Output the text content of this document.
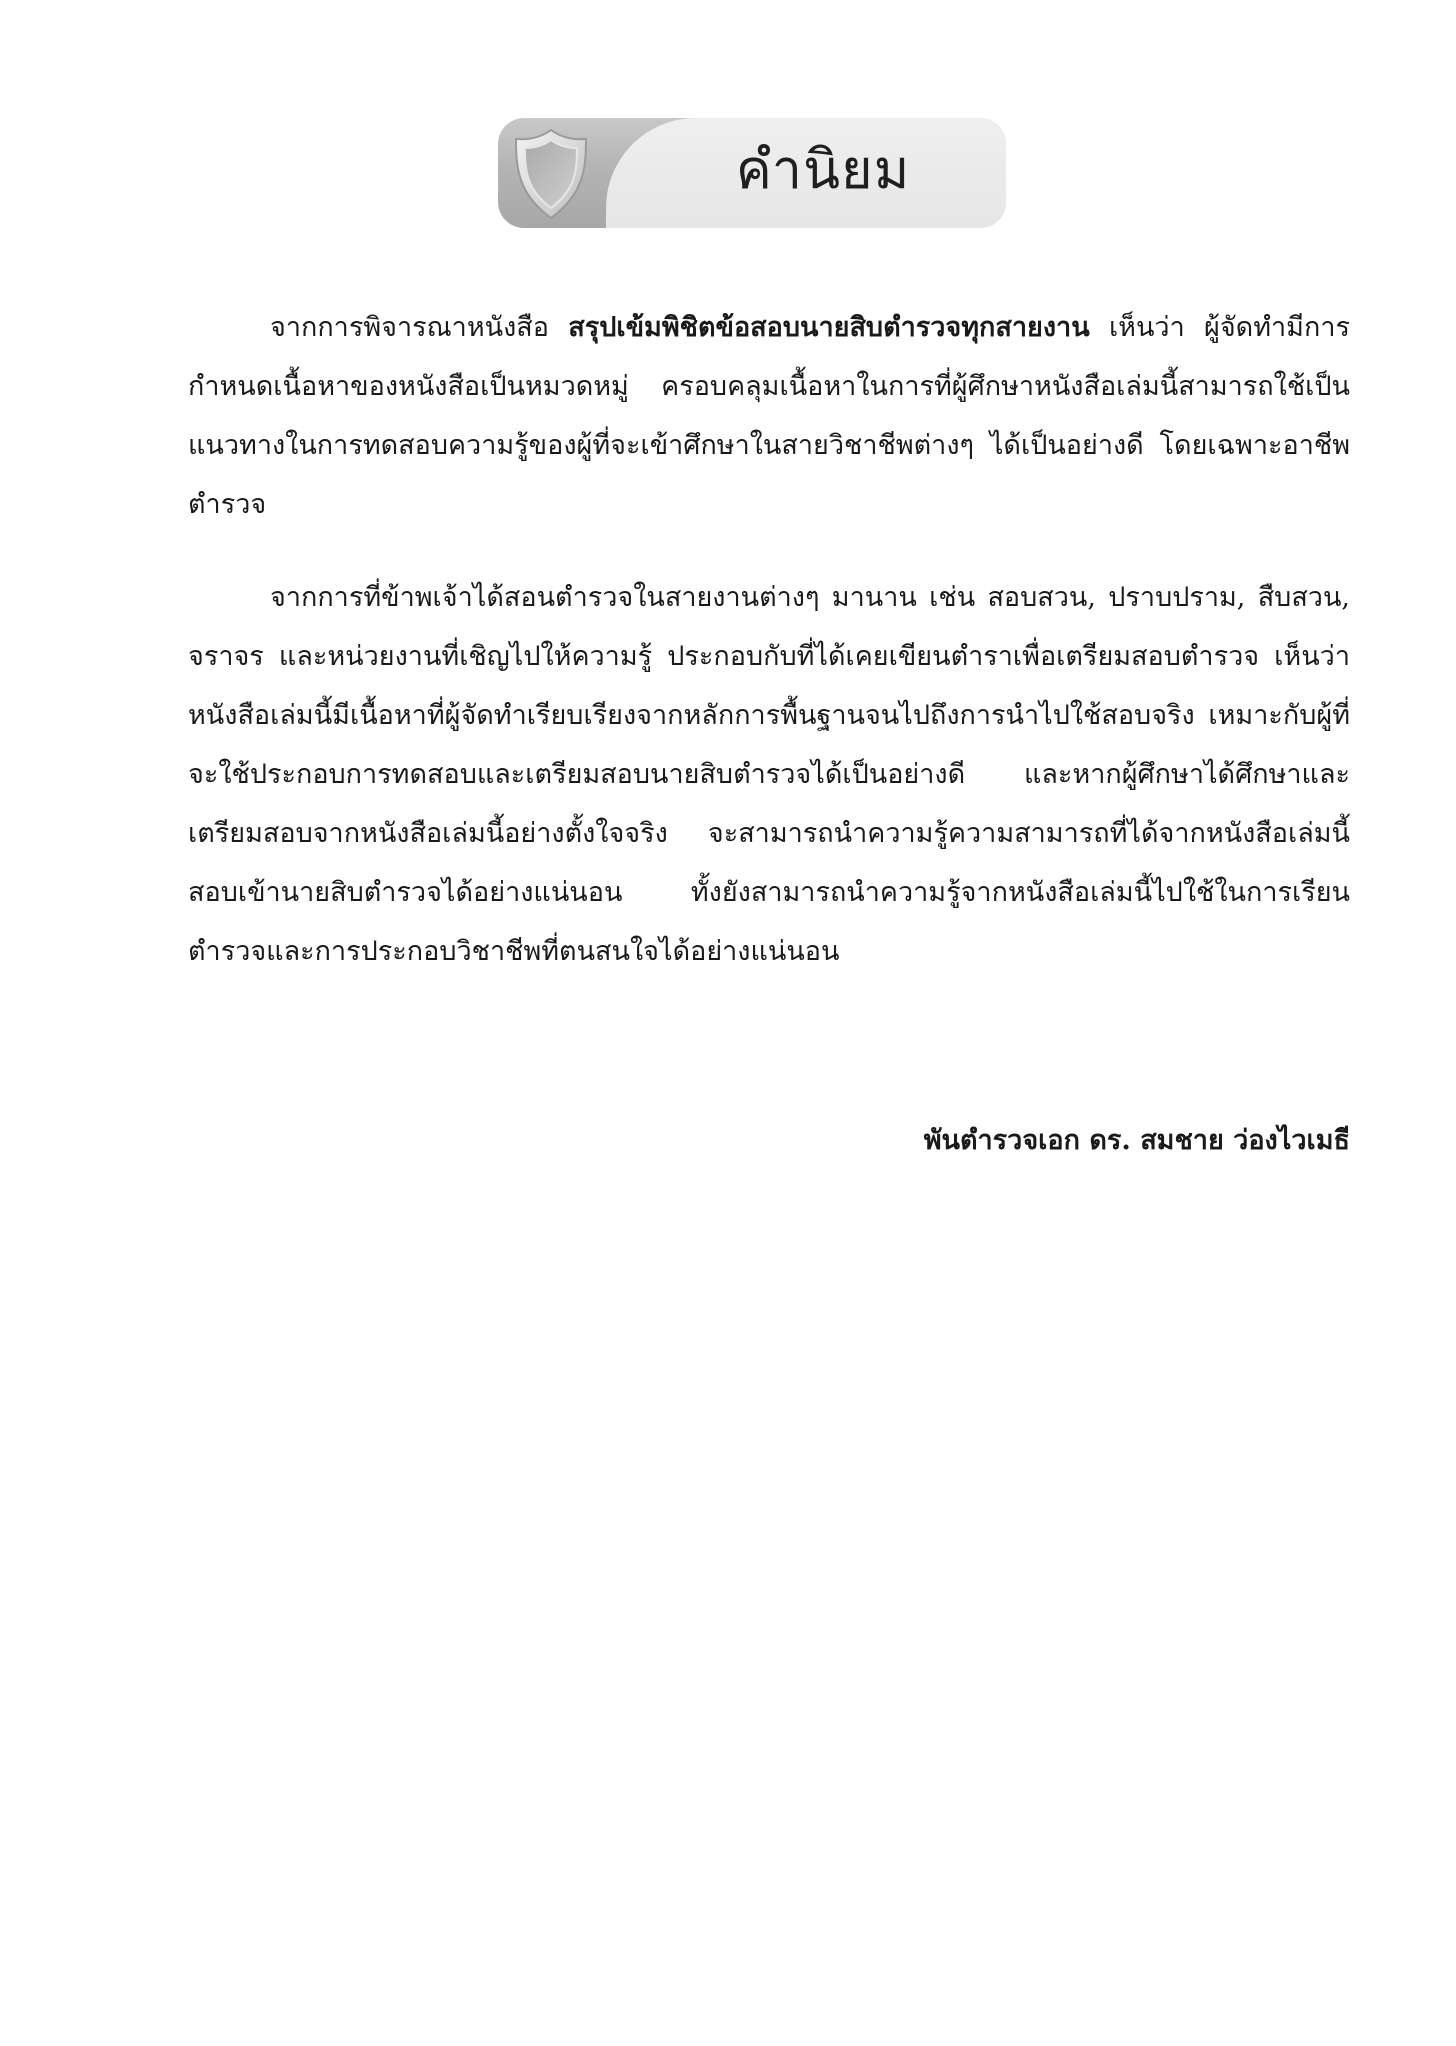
คำนิยม

จากการพิจารณาหนังสือ สรุปเข้มพิชิตข้อสอบนายสิบตำรวจทุกสายงาน เห็นว่า ผู้จัดทำมีการกำหนดเนื้อหาของหนังสือเป็นหมวดหมู่ ครอบคลุมเนื้อหาในการที่ผู้ศึกษาหนังสือเล่มนี้สามารถใช้เป็นแนวทางในการทดสอบความรู้ของผู้ที่จะเข้าศึกษาในสายวิชาชีพต่างๆ ได้เป็นอย่างดี โดยเฉพาะอาชีพตำรวจ

จากการที่ข้าพเจ้าได้สอนตำรวจในสายงานต่างๆ มานาน เช่น สอบสวน, ปราบปราม, สืบสวน, จราจร และหน่วยงานที่เชิญไปให้ความรู้ ประกอบกับที่ได้เคยเขียนตำราเพื่อเตรียมสอบตำรวจ เห็นว่า หนังสือเล่มนี้มีเนื้อหาที่ผู้จัดทำเรียบเรียงจากหลักการพื้นฐานจนไปถึงการนำไปใช้สอบจริง เหมาะกับผู้ที่จะใช้ประกอบการทดสอบและเตรียมสอบนายสิบตำรวจได้เป็นอย่างดี และหากผู้ศึกษาได้ศึกษาและเตรียมสอบจากหนังสือเล่มนี้อย่างตั้งใจจริง จะสามารถนำความรู้ความสามารถที่ได้จากหนังสือเล่มนี้สอบเข้านายสิบตำรวจได้อย่างแน่นอน ทั้งยังสามารถนำความรู้จากหนังสือเล่มนี้ไปใช้ในการเรียนตำรวจและการประกอบวิชาชีพที่ตนสนใจได้อย่างแน่นอน

พันตำรวจเอก ดร. สมชาย ว่องไวเมธี
